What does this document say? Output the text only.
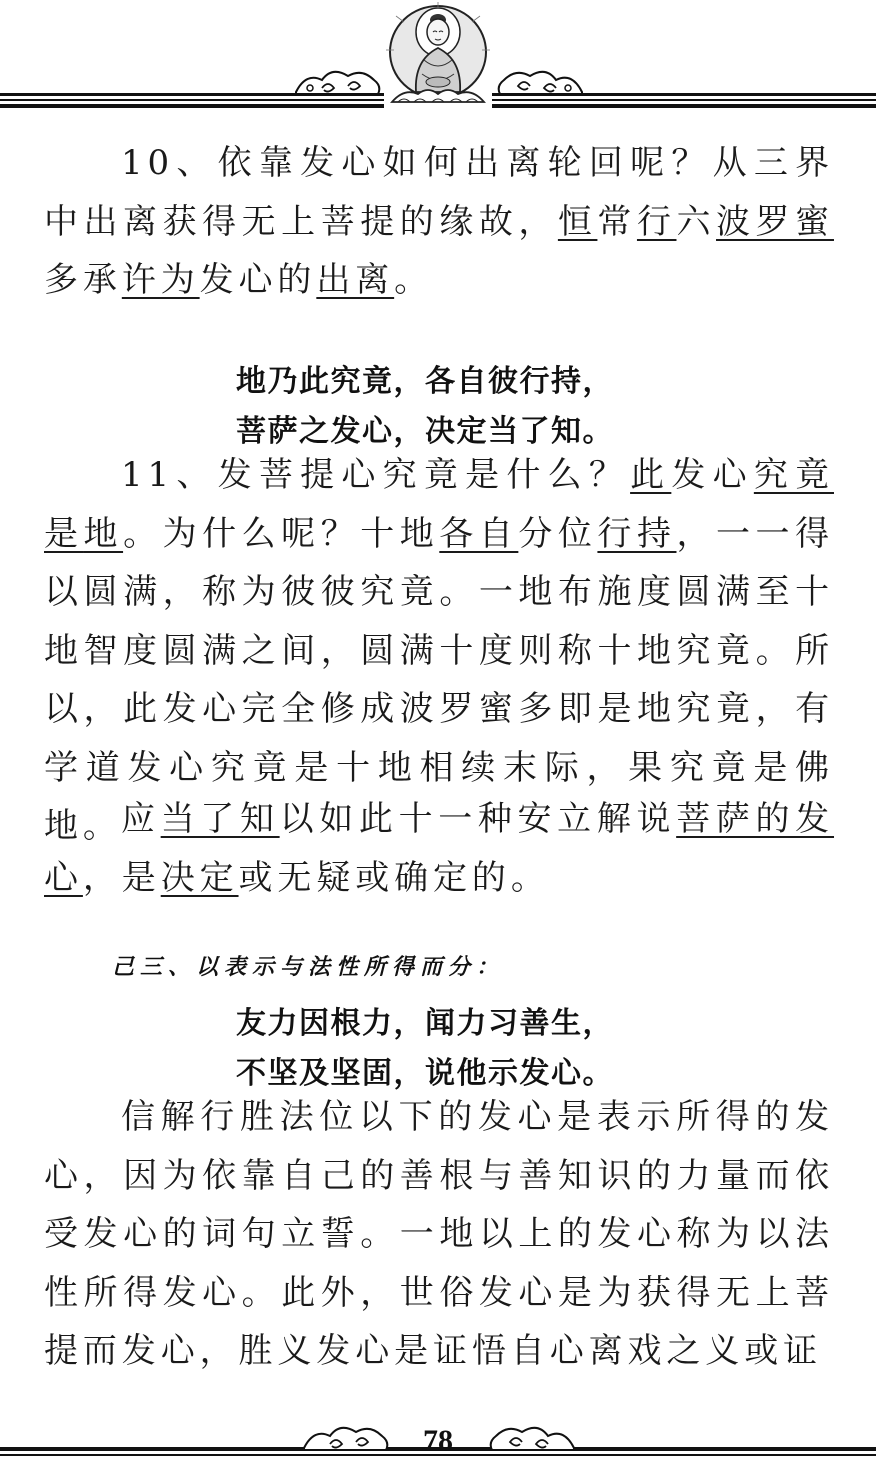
10、依靠发心如何出离轮回呢？从三界中出离获得无上菩提的缘故，恒常行六波罗蜜多承许为发心的出离。

地乃此究竟，各自彼行持，
菩萨之发心，决定当了知。

11、发菩提心究竟是什么？此发心究竟是地。为什么呢？十地各自分位行持，一一得以圆满，称为彼彼究竟。一地布施度圆满至十地智度圆满之间，圆满十度则称十地究竟。所以，此发心完全修成波罗蜜多即是地究竟，有学道发心究竟是十地相续末际，果究竟是佛地。 应当了知以如此十一种安立解说菩萨的发心，是决定或无疑或确定的。

己三、以表示与法性所得而分：
友力因根力，闻力习善生，
不坚及坚固，说他示发心。

信解行胜法位以下的发心是表示所得的发心，因为依靠自己的善根与善知识的力量而依受发心的词句立誓。一地以上的发心称为以法性所得发心。此外，世俗发心是为获得无上菩提而发心，胜义发心是证悟自心离戏之义或证

78
